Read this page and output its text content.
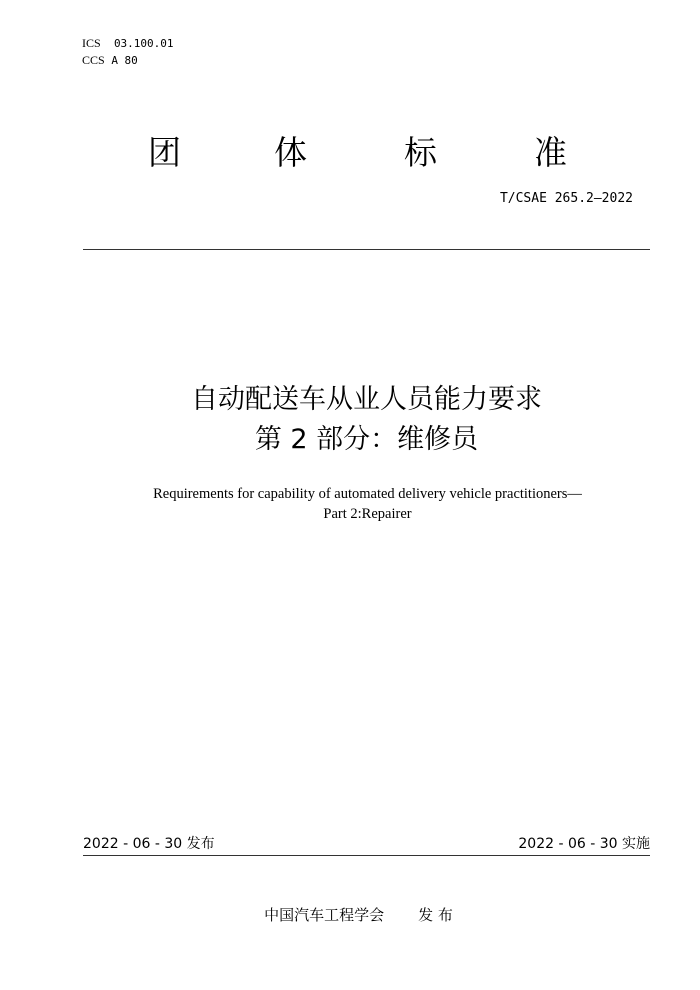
ICS 03.100.01
CCS A 80
团	体	标	准
T/CSAE 265.2—2022
自动配送车从业人员能力要求
第 2 部分：维修员
Requirements for capability of automated delivery vehicle practitioners—
Part 2:Repairer
2022 - 06 - 30 发布	2022 - 06 - 30 实施
中国汽车工程学会 发 布
